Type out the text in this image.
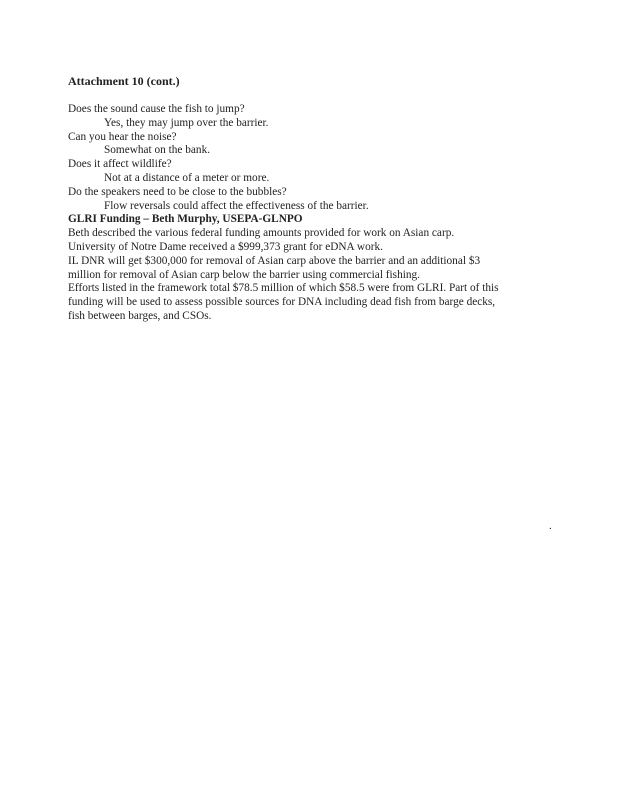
Attachment 10 (cont.)
Does the sound cause the fish to jump?
Yes, they may jump over the barrier.
Can you hear the noise?
Somewhat on the bank.
Does it affect wildlife?
Not at a distance of a meter or more.
Do the speakers need to be close to the bubbles?
Flow reversals could affect the effectiveness of the barrier.
GLRI Funding – Beth Murphy, USEPA-GLNPO
Beth described the various federal funding amounts provided for work on Asian carp.
University of Notre Dame received a $999,373 grant for eDNA work.
IL DNR will get $300,000 for removal of Asian carp above the barrier and an additional $3
million for removal of Asian carp below the barrier using commercial fishing.
Efforts listed in the framework total $78.5 million of which $58.5 were from GLRI. Part of this
funding will be used to assess possible sources for DNA including dead fish from barge decks,
fish between barges, and CSOs.
.
